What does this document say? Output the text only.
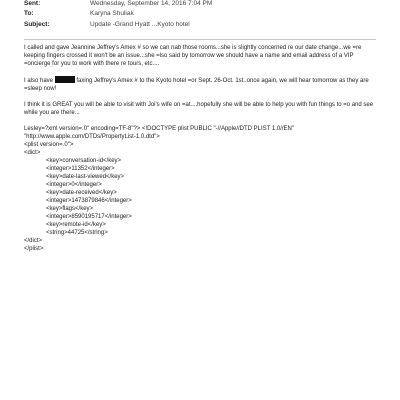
Sent:	Wednesday, September 14, 2016 7:04 PM
To:	Karyna Shuliak
Subject:	Update -Grand Hyatt ...Kyoto hotel

I called and gave Jeannine Jeffrey's Amex # so we can nab those rooms...she is slightly concerned re our date change...we =re keeping fingers crossed it won't be an issue...she =lso said by tomorrow we should have a name and email address of a VIP =oncierge for you to work with there re tours, etc....

I also have	faxing Jeffrey's Amex # to the Kyoto hotel =or Sept. 26-Oct. 1st..once again, we will hear tomorrow as they are =sleep now!

I think it is GREAT you will be able to visit with Joi's wife on =at....hopefully she will be able to help you with fun things to =o and see while you are there...

Lesley=?xml version=.0" encoding=TF-8"?> <!DOCTYPE plist PUBLIC "-//Apple//DTD PLIST 1.0//EN"
"http://www.apple.com/DTDs/PropertyList-1.0.dtd">
<plist version=.0">
<dict>
<key>conversation-id</key>
<integer>11352</integer>
<key>date-last-viewed</key>
<integer>0</integer>
<key>date-received</key>
<integer>1473879846</integer>
<key>flags</key>
<integer>8590195717</integer>
<key>remote-id</key>
<string>44725</string>
</dict>
</plist>
